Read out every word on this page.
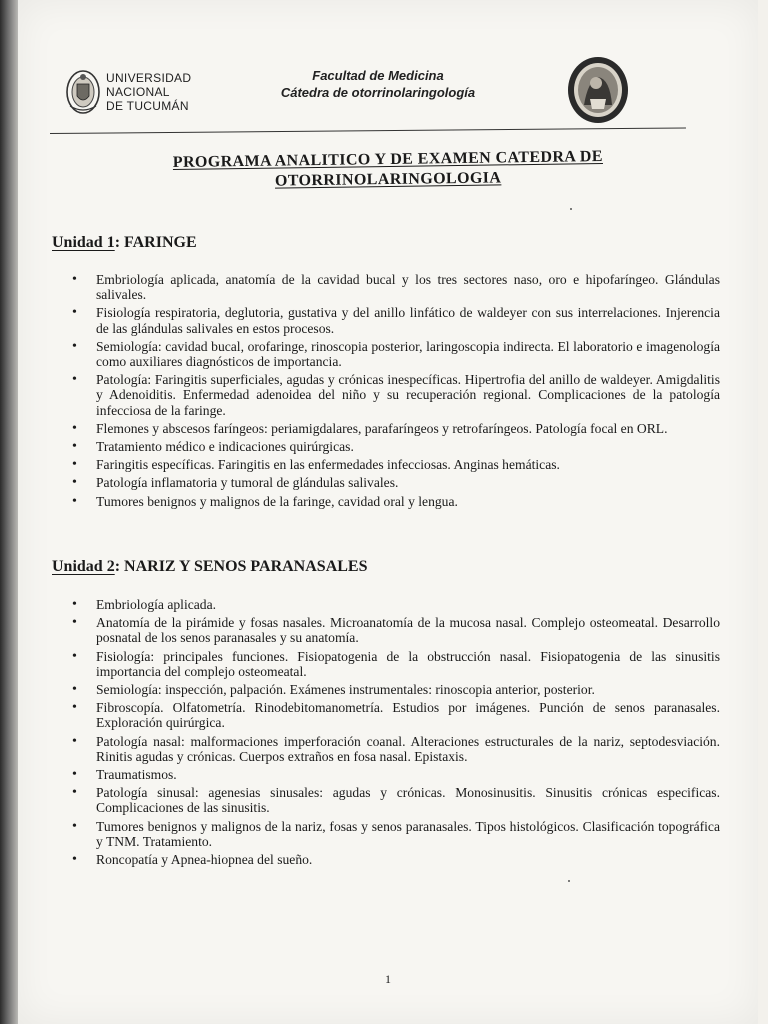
UNIVERSIDAD
NACIONAL
DE TUCUMÁN
Facultad de Medicina
Cátedra de otorrinolaringología
PROGRAMA ANALITICO Y DE EXAMEN CATEDRA DE
OTORRINOLARINGOLOGIA
Unidad 1: FARINGE
• Embriología aplicada, anatomía de la cavidad bucal y los tres sectores naso, oro e hipofaríngeo. Glándulas salivales.
• Fisiología respiratoria, deglutoria, gustativa y del anillo linfático de waldeyer con sus interrelaciones. Injerencia de las glándulas salivales en estos procesos.
• Semiología: cavidad bucal, orofaringe, rinoscopia posterior, laringoscopia indirecta. El laboratorio e imagenología como auxiliares diagnósticos de importancia.
• Patología: Faringitis superficiales, agudas y crónicas inespecíficas. Hipertrofia del anillo de waldeyer. Amigdalitis y Adenoiditis. Enfermedad adenoidea del niño y su recuperación regional. Complicaciones de la patología infecciosa de la faringe.
• Flemones y abscesos faríngeos: periamigdalares, parafaríngeos y retrofaríngeos. Patología focal en ORL.
• Tratamiento médico e indicaciones quirúrgicas.
• Faringitis específicas. Faringitis en las enfermedades infecciosas. Anginas hemáticas.
• Patología inflamatoria y tumoral de glándulas salivales.
• Tumores benignos y malignos de la faringe, cavidad oral y lengua.
Unidad 2: NARIZ Y SENOS PARANASALES
• Embriología aplicada.
• Anatomía de la pirámide y fosas nasales. Microanatomía de la mucosa nasal. Complejo osteomeatal. Desarrollo posnatal de los senos paranasales y su anatomía.
• Fisiología: principales funciones. Fisiopatogenia de la obstrucción nasal. Fisiopatogenia de las sinusitis importancia del complejo osteomeatal.
• Semiología: inspección, palpación. Exámenes instrumentales: rinoscopia anterior, posterior.
• Fibroscopía. Olfatometría. Rinodebitomanometría. Estudios por imágenes. Punción de senos paranasales. Exploración quirúrgica.
• Patología nasal: malformaciones imperforación coanal. Alteraciones estructurales de la nariz, septodesviación. Rinitis agudas y crónicas. Cuerpos extraños en fosa nasal. Epistaxis.
• Traumatismos.
• Patología sinusal: agenesias sinusales: agudas y crónicas. Monosinusitis. Sinusitis crónicas especificas. Complicaciones de las sinusitis.
• Tumores benignos y malignos de la nariz, fosas y senos paranasales. Tipos histológicos. Clasificación topográfica y TNM. Tratamiento.
• Roncopatía y Apnea-hiopnea del sueño.
1
